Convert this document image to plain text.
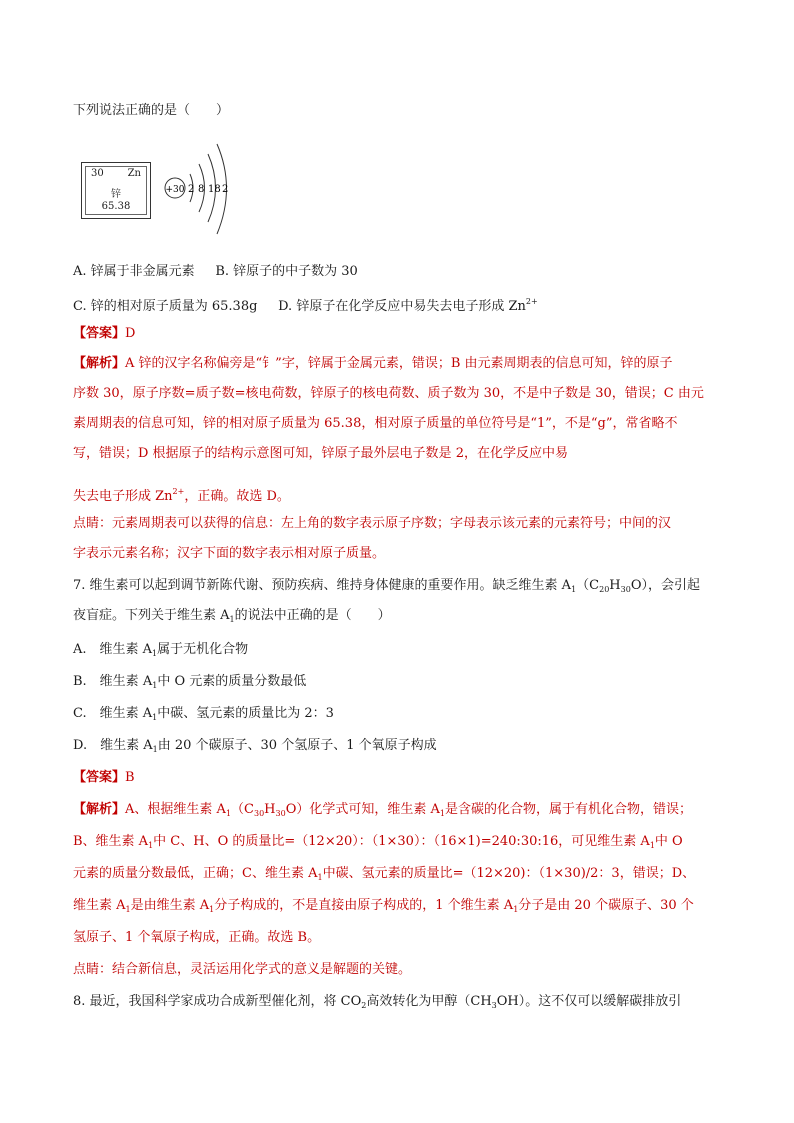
下列说法正确的是（　　）
30 Zn
锌
65.38
+30 2 8 18 2
A. 锌属于非金属元素 B. 锌原子的中子数为 30
C. 锌的相对原子质量为 65.38g D. 锌原子在化学反应中易失去电子形成 $Zn^{2+}$
【答案】D
【解析】A 锌的汉字名称偏旁是“钅”字，锌属于金属元素，错误；B 由元素周期表的信息可知，锌的原子
序数 30，原子序数=质子数=核电荷数，锌原子的核电荷数、质子数为 30，不是中子数是 30，错误；C 由元
素周期表的信息可知，锌的相对原子质量为 65.38，相对原子质量的单位符号是“1”，不是“g”，常省略不
写，错误；D 根据原子的结构示意图可知，锌原子最外层电子数是 2，在化学反应中易
失去电子形成 $Zn^{2+}$，正确。故选 D。
点睛：元素周期表可以获得的信息：左上角的数字表示原子序数；字母表示该元素的元素符号；中间的汉
字表示元素名称；汉字下面的数字表示相对原子质量。
7. 维生素可以起到调节新陈代谢、预防疾病、维持身体健康的重要作用。缺乏维生素 $A_1(C_{20}H_{30}O)$，会引起
夜盲症。下列关于维生素 $A_1$的说法中正确的是（　　）
A.　维生素 $A_1$属于无机化合物
B.　维生素 $A_1$中 O 元素的质量分数最低
C.　维生素 $A_1$中碳、氢元素的质量比为 2：3
D.　维生素 $A_1$由 20 个碳原子、30 个氢原子、1 个氧原子构成
【答案】B
【解析】A、根据维生素 $A_1(C_{30}H_{30}O)$化学式可知，维生素 $A_1$是含碳的化合物，属于有机化合物，错误；
B、维生素 $A_1$中 C、H、O 的质量比=（12×20）：（1×30）：（16×1)=240:30:16，可见维生素 $A_1$中 O
元素的质量分数最低，正确；C、维生素 $A_1$中碳、氢元素的质量比=（12×20)：（1×30)/2：3，错误；D、
维生素 $A_1$是由维生素 $A_1$分子构成的，不是直接由原子构成的，1 个维生素 $A_1$分子是由 20 个碳原子、30 个
氢原子、1 个氧原子构成，正确。故选 B。
点睛：结合新信息，灵活运用化学式的意义是解题的关键。
8. 最近，我国科学家成功合成新型催化剂，将 $CO_2$高效转化为甲醇$(CH_3OH)$。这不仅可以缓解碳排放引
